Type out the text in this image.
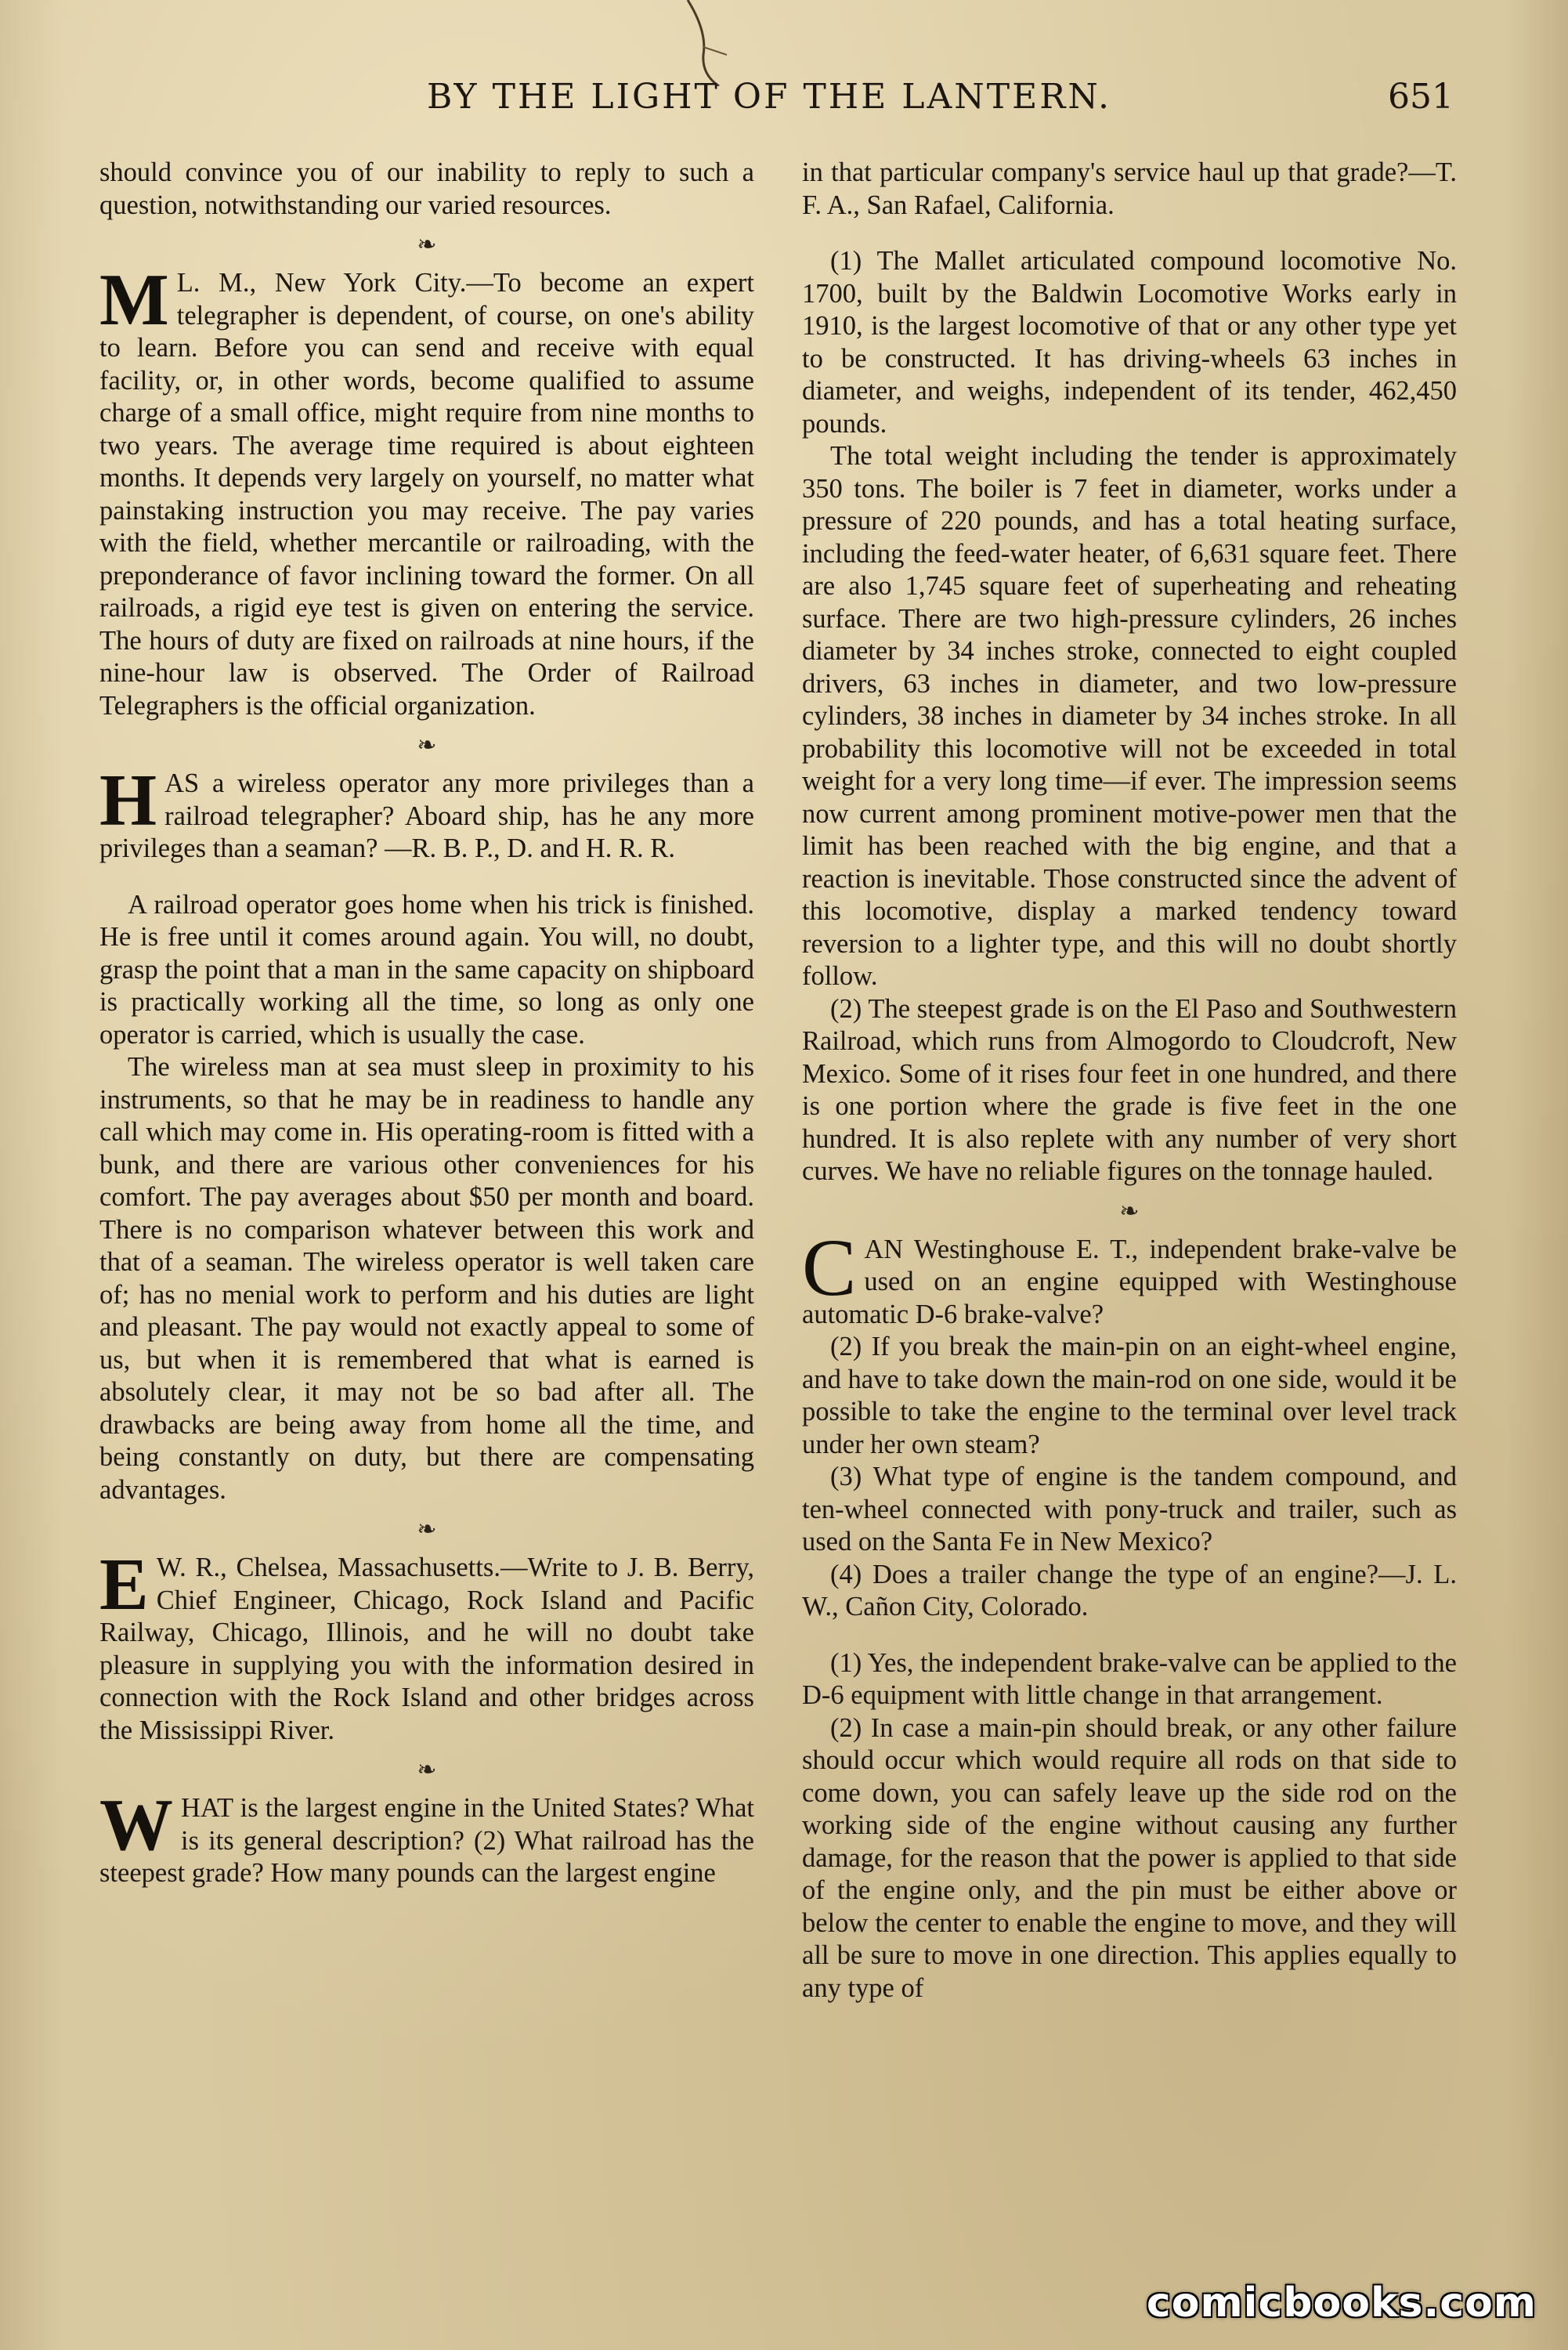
BY THE LIGHT OF THE LANTERN.	651

should convince you of our inability to reply to such a question, notwithstanding our varied resources.

❧
M L. M., New York City.—To become an expert telegrapher is dependent, of course, on one's ability to learn. Before you can send and receive with equal facility, or, in other words, become qualified to assume charge of a small office, might require from nine months to two years. The average time required is about eighteen months. It depends very largely on yourself, no matter what painstaking instruction you may receive. The pay varies with the field, whether mercantile or railroading, with the preponderance of favor inclining toward the former. On all railroads, a rigid eye test is given on entering the service. The hours of duty are fixed on railroads at nine hours, if the nine-hour law is observed. The Order of Railroad Telegraphers is the official organization.

❧
H AS a wireless operator any more privileges than a railroad telegrapher? Aboard ship, has he any more privileges than a seaman? —R. B. P., D. and H. R. R.

A railroad operator goes home when his trick is finished. He is free until it comes around again. You will, no doubt, grasp the point that a man in the same capacity on shipboard is practically working all the time, so long as only one operator is carried, which is usually the case.

The wireless man at sea must sleep in proximity to his instruments, so that he may be in readiness to handle any call which may come in. His operating-room is fitted with a bunk, and there are various other conveniences for his comfort. The pay averages about $50 per month and board. There is no comparison whatever between this work and that of a seaman. The wireless operator is well taken care of; has no menial work to perform and his duties are light and pleasant. The pay would not exactly appeal to some of us, but when it is remembered that what is earned is absolutely clear, it may not be so bad after all. The drawbacks are being away from home all the time, and being constantly on duty, but there are compensating advantages.

❧
E W. R., Chelsea, Massachusetts.—Write to J. B. Berry, Chief Engineer, Chicago, Rock Island and Pacific Railway, Chicago, Illinois, and he will no doubt take pleasure in supplying you with the information desired in connection with the Rock Island and other bridges across the Mississippi River.

❧
W HAT is the largest engine in the United States? What is its general description? (2) What railroad has the steepest grade? How many pounds can the largest engine

in that particular company's service haul up that grade?—T. F. A., San Rafael, California.

(1) The Mallet articulated compound locomotive No. 1700, built by the Baldwin Locomotive Works early in 1910, is the largest locomotive of that or any other type yet to be constructed. It has driving-wheels 63 inches in diameter, and weighs, independent of its tender, 462,450 pounds.

The total weight including the tender is approximately 350 tons. The boiler is 7 feet in diameter, works under a pressure of 220 pounds, and has a total heating surface, including the feed-water heater, of 6,631 square feet. There are also 1,745 square feet of superheating and reheating surface. There are two high-pressure cylinders, 26 inches diameter by 34 inches stroke, connected to eight coupled drivers, 63 inches in diameter, and two low-pressure cylinders, 38 inches in diameter by 34 inches stroke. In all probability this locomotive will not be exceeded in total weight for a very long time—if ever. The impression seems now current among prominent motive-power men that the limit has been reached with the big engine, and that a reaction is inevitable. Those constructed since the advent of this locomotive, display a marked tendency toward reversion to a lighter type, and this will no doubt shortly follow.

(2) The steepest grade is on the El Paso and Southwestern Railroad, which runs from Almogordo to Cloudcroft, New Mexico. Some of it rises four feet in one hundred, and there is one portion where the grade is five feet in the one hundred. It is also replete with any number of very short curves. We have no reliable figures on the tonnage hauled.

❧
C AN Westinghouse E. T., independent brake-valve be used on an engine equipped with Westinghouse automatic D-6 brake-valve?

(2) If you break the main-pin on an eight-wheel engine, and have to take down the main-rod on one side, would it be possible to take the engine to the terminal over level track under her own steam?

(3) What type of engine is the tandem compound, and ten-wheel connected with pony-truck and trailer, such as used on the Santa Fe in New Mexico?

(4) Does a trailer change the type of an engine?—J. L. W., Cañon City, Colorado.

(1) Yes, the independent brake-valve can be applied to the D-6 equipment with little change in that arrangement.

(2) In case a main-pin should break, or any other failure should occur which would require all rods on that side to come down, you can safely leave up the side rod on the working side of the engine without causing any further damage, for the reason that the power is applied to that side of the engine only, and the pin must be either above or below the center to enable the engine to move, and they will all be sure to move in one direction. This applies equally to any type of

comicbooks.com
